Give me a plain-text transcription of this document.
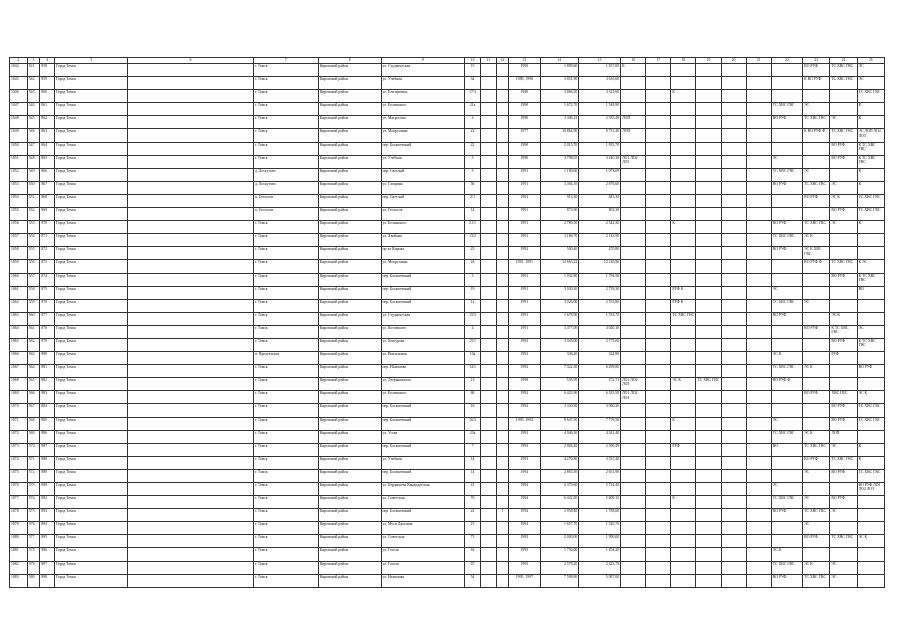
2	3	4	5	6	7	8	9	10	11	12	13	14	15	16	17	18	19	20	21	22	23	24	25
1044	541	858	Город Томск		г. Томск	Кировский район	ул. Студенческая	15			1990	1 889,60	1 817,00	К							ВО РУФ	ТС ХВС ГВС	ЭС
1045	542	859	Город Томск		г. Томск	Кировский район	ул. Учебная	34			1989, 1990	3 851,90	3 616,60								К ВО РУФ	ТС ХВС ГВС	ЭС
1046	543	860	Город Томск		г. Томск	Кировский район	ул. Елизаровых	17/3			1990	3 866,50	3 321,60			К							ТС ХВС ГВС
1047	544	861	Город Томск		г. Томск	Кировский район	ул. Белинского	21а			1990	1 672,70	1 548,90							ТС ХВС ГВС	ЭС		К
1048	545	862	Город Томск		г. Томск	Кировский район	ул. Матросова	4			1990	3 306,23	2 335,49	ЛОП						ВО РУФ	ТС ХВС ГВС	ЭС	К
1049	546	863	Город Томск		г. Томск	Кировский район	ул. Мокрушина	22			1977	10 864,90	9 731,40	ЛОП							К ВО РУФ Ф	ТС ХВС ГВС	ЭС ЛОП ЛО2 ЛО3
1050	547	864	Город Томск		г. Томск	Кировский район	пер. Богашевский	22			1990	2 015,70	1 835,70									ВО РУФ	К ТС ХВС ГВС
1051	548	865	Город Томск		г. Томск	Кировский район	ул. Учебная	5			1990	3 798,05	3 240,30	ЛО1 ЛО2 ЛО3						ЭС		ВО РУФ	К ТС ХВС ГВС
1052	549	866	Город Томск		д. Лоскутово	Кировский район	пер. Светлый	5			1991	1 180,60	1 073,09							ТС ХВС ГВС	ЭС		К
1053	550	867	Город Томск		д. Лоскутово	Кировский район	ул. Гагарина	56			1991	3 494,10	2 876,60							ВО РУФ	ТС ХВС ГВС	ЭС	К
1054	551	868	Город Томск		п. Геологов	Кировский район	пер. Светлый	2/1			1991	913,30	843,30								ВО РУФ	ЭС К	ТС ХВС ГВС
1055	552	869	Город Томск		п. Геологов	Кировский район	ул. Геологов	14			1991	873,90	802,30									ВО РУФ	ТС ХВС ГВС
1056	553	870	Город Томск		г. Томск	Кировский район	ул. Белинского	21/1			1991	2 780,50	2 542,30			К				ВО РУФ	ТС ХВС ГВС	ЭС	К
1057	554	871	Город Томск		г. Томск	Кировский район	ул. Хвойная	13/2			1991	3 186,70	2 143,90							ТС ХВС ГВС	ЭС К		
1058	555	872	Город Томск		г. Томск	Кировский район	пр-кт Кирова	23			1992	500,40	470,80							ВО РУФ	ЭС К ХВС ГВС		
1059	556	873	Город Томск		г. Томск	Кировский район	ул. Мокрушина	24			1981, 1991	14 663,22	12 245,80								ВО РУФ Ф	ТС ХВС ГВС	К ЭС
1060	557	874	Город Томск		г. Томск	Кировский район	пер. Богашевский	5			1991	1 932,80	1 794,50									ВО РУФ	К ТС ХВС ГВС
1061	558	875	Город Томск		г. Томск	Кировский район	пер. Богашевский	19			1991	3 030,20	2 759,30			РУФ К				ЭС			ВО
1062	559	876	Город Томск		г. Томск	Кировский район	пер. Богашевский	12			1991	3 026,00	2 765,80			РУФ К				ТС ХВС ГВС	ЭС		
1063	560	877	Город Томск		г. Томск	Кировский район	ул. Студенческая	15/3			1991	1 678,90	1 533,70			ТС ХВС ГВС				ВО РУФ		ЭС К	
1064	561	878	Город Томск		г. Томск	Кировский район	ул. Котовского	4			1991	3 477,00	3 020,10								ВО РУФ	К ТС ХВС ГВС	ЭС
1065	562	879	Город Томск		г. Томск	Кировский район	ул. Кошурова	15/1			1992	3 045,00	2 773,00									ВО РУФ	К ТС ХВС ГВС
1066	563	880	Город Томск		п. Предтеченск	Кировский район	ул. Вокзальная	10а			1992	336,20	324,80							ЭС К		РУФ	
1067	564	881	Город Томск		г. Томск	Кировский район	пер. Нахимова	14/1			1992	7 322,30	6 299,80							ТС ХВС ГВС	ЭС К		ВО РУФ
1068	565	882	Город Томск		г. Томск	Кировский район	ул. Дзержинского	13			1998	535,99	472,71	ЛО1 ЛО2 ЛО3		ЭС К	ТС ХВС ГВС			ВО РУФ Ф			
1069	566	883	Город Томск		г. Томск	Кировский район	ул. Белинского	86			1992	6 423,90	6 335,50	ЛО1 ЛО2 ЛО3							ВО РУФ	ХВС ГВС	ЭС К
1070	567	884	Город Томск		г. Томск	Кировский район	пер. Богашевский	16			1992	3 330,30	3 060,30									ВО РУФ	ТС ХВС ГВС
1071	568	885	Город Томск		г. Томск	Кировский район	пер. Богашевский	16/3			1995, 1994	8 647,50	7 779,50			К				ЭС		ВО РУФ	ТС ХВС ГВС
1072	569	886	Город Томск		г. Томск	Кировский район	ул. Усова	23а			1993	4 946,30	4 341,40							ТС ХВС ГВС	ЭС К	ЛОП	
1073	570	887	Город Томск		г. Томск	Кировский район	пер. Богашевский	7			1993	2 904,40	2 590,49			РУФ				ВО	ТС ХВС ГВС	ЭС	К
1074	571	888	Город Томск		г. Томск	Кировский район	ул. Учебная	14			1993	4 270,80	3 537,40								ВО РУФ	ТС ХВС ГВС	К
1075	572	889	Город Томск		г. Томск	Кировский район	пер. Богашевский	14			1994	2 865,50	2 651,90								ЭС	ВО РУФ	ТС ХВС ГВС
1076	573	890	Город Томск		г. Томск	Кировский район	ул. Бердышева Кандидатская	41			1994	6 479,60	5 724,40							ЭС			ВО РУФ ЛО1 ЛО2 ЛО3
1077	574	892	Город Томск		г. Томск	Кировский район	ул. Советская	76			1994	6 442,00	5 609,15			К				ТС ХВС ГВС	ЭС	ВО РУФ	
1078	575	893	Город Томск		г. Томск	Кировский район	пер. Богашевский	22		1	1994	1 958,40	1 788,60							ВО РУФ	ТС ХВС ГВС	ЭС	
1079	576	894	Город Томск		г. Томск	Кировский район	ул. Муси Джалиля	15			1994	1 657,70	1 520,70								ЭС		
1080	577	895	Город Томск		г. Томск	Кировский район	ул. Советская	73			1995	2 000,00	1 990,00								ВО РУФ	ТС ХВС ГВС	ЭС К
1081	578	896	Город Томск		г. Томск	Кировский район	ул. Гоголя	63			1995	1 750,00	1 454,20							ЭС К			
1082	579	897	Город Томск		г. Томск	Кировский район	ул. Гоголя	67			1995	2 578,20	2 323,79							ТС ХВС ГВС	ЭС К	ЭС	
1083	580	898	Город Томск		г. Томск	Кировский район	ул. Нахимова	54			1995, 1997	7 598,80	5 987,00							ВО РУФ	ТС ХВС ГВС	ЭС	
